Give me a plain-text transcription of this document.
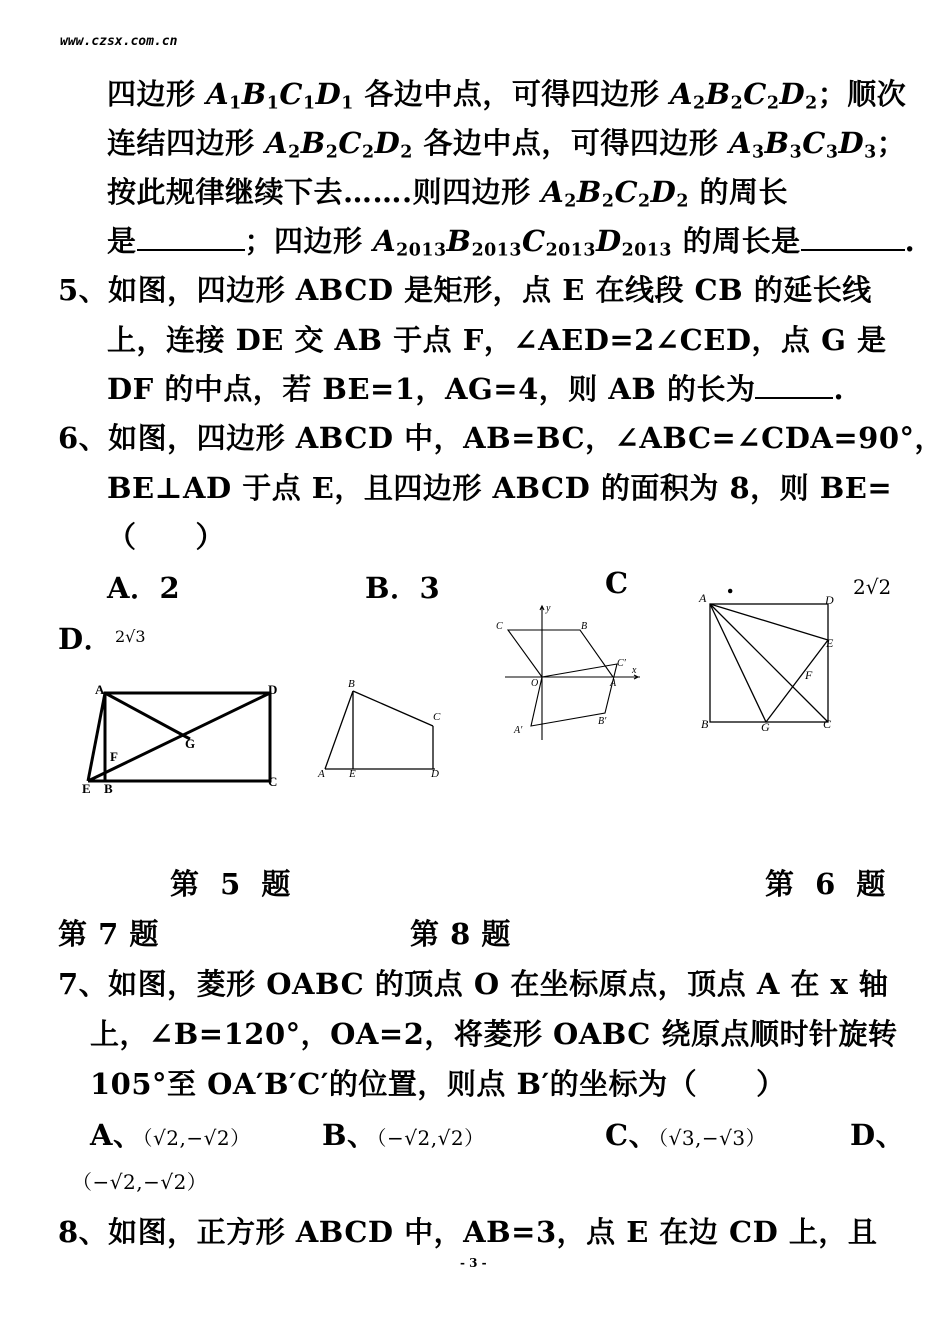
www.czsx.com.cn
四边形 $A_1B_1C_1D_1$ 各边中点，可得四边形 $A_2B_2C_2D_2$；顺次
连结四边形 $A_2B_2C_2D_2$ 各边中点，可得四边形 $A_3B_3C_3D_3$；
按此规律继续下去…….则四边形 $A_2B_2C_2D_2$ 的周长
是	；四边形 $A_{2013}B_{2013}C_{2013}D_{2013}$ 的周长是	.
5、如图，四边形 ABCD 是矩形，点 E 在线段 CB 的延长线
上，连接 DE 交 AB 于点 F，∠AED=2∠CED，点 G 是
DF 的中点，若 BE=1，AG=4，则 AB 的长为	.
6、如图，四边形 ABCD 中，AB=BC，∠ABC=∠CDA=90°，
BE⊥AD 于点 E，且四边形 ABCD 的面积为 8，则 BE=
（　　）
A．2	B．3	C	.	2√2
D． 2√3
A	D
G
F
E B	C
B
C
A E	D
y
x
C	B
O
C′
A
A′
B′
A	D
E
F
B	G	C
第 5 题	第 6 题
第 7 题	第 8 题
7、如图，菱形 OABC 的顶点 O 在坐标原点，顶点 A 在 x 轴
上，∠B=120°，OA=2，将菱形 OABC 绕原点顺时针旋转
105°至 OA′B′C′的位置，则点 B′的坐标为（　　）
A、（√2,−√2） B、（−√2,√2）	C、（√3,−√3）	D、
（−√2,−√2）
8、如图，正方形 ABCD 中，AB=3，点 E 在边 CD 上，且
- 3 -
